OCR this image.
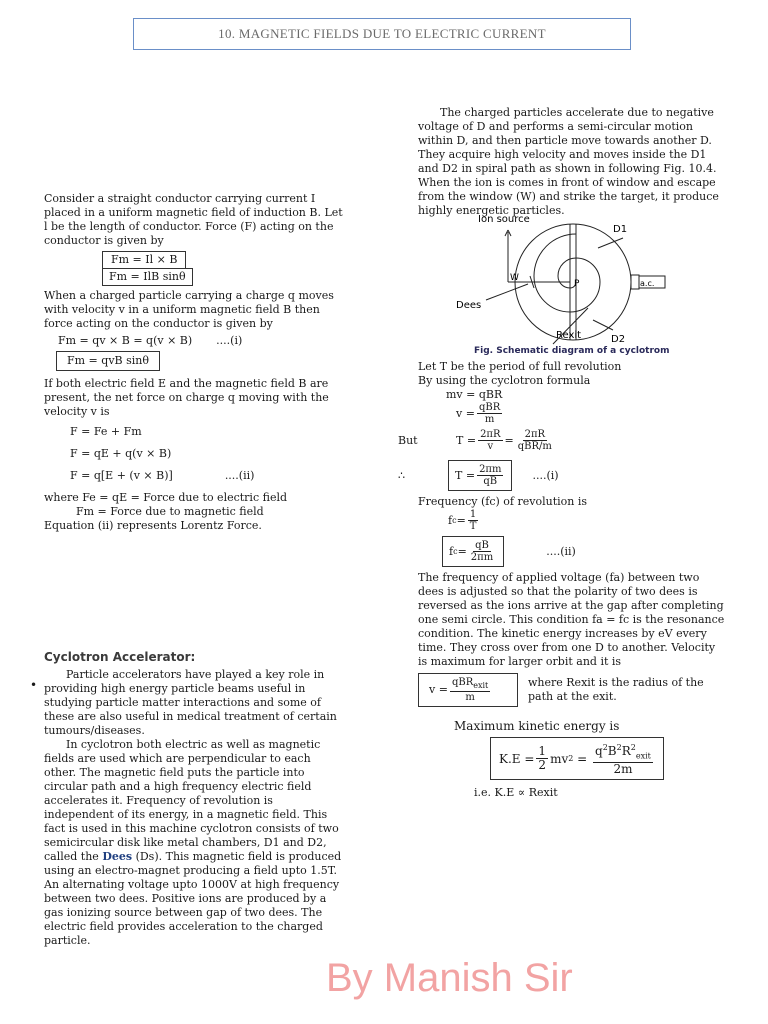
10. MAGNETIC FIELDS DUE TO ELECTRIC CURRENT

Consider a straight conductor carrying current I placed in a uniform magnetic field of induction B. Let l be the length of conductor. Force (F) acting on the conductor is given by

Fm = Il × B
Fm = IlB sinθ

When a charged particle carrying a charge q moves with velocity v in a uniform magnetic field B then force acting on the conductor is given by

Fm = qv × B = q(v × B) ....(i)
Fm = qvB sinθ

If both electric field E and the magnetic field B are present, the net force on charge q moving with the velocity v is

F = Fe + Fm
F = qE + q(v × B)
F = q[E + (v × B)]	....(ii)

where Fe = qE = Force due to electric field

Fm = Force due to magnetic field

Equation (ii) represents Lorentz Force.

•
Cyclotron Accelerator:

Particle accelerators have played a key role in providing high energy particle beams useful in studying particle matter interactions and some of these are also useful in medical treatment of certain tumours/diseases.

In cyclotron both electric as well as magnetic fields are used which are perpendicular to each other. The magnetic field puts the particle into circular path and a high frequency electric field accelerates it. Frequency of revolution is independent of its energy, in a magnetic field. This fact is used in this machine cyclotron consists of two semicircular disk like metal chambers, D1 and D2, called the Dees (Ds). This magnetic field is produced using an electro-magnet producing a field upto 1.5T. An alternating voltage upto 1000V at high frequency between two dees. Positive ions are produced by a gas ionizing source between gap of two dees. The electric field provides acceleration to the charged particle.

The charged particles accelerate due to negative voltage of D and performs a semi-circular motion within D, and then particle move towards another D. They acquire high velocity and moves inside the D1 and D2 in spiral path as shown in following Fig. 10.4. When the ion is comes in front of window and escape from the window (W) and strike the target, it produce highly energetic particles.

Ion source
D1
D2
W
P	a.c.
Dees
Rexit
Fig. Schematic diagram of a cyclotrom

Let T be the period of full revolution

By using the cyclotron formula

mv = qBR
$v = \frac{\text{qBR}}{m}$
But	$T = \frac{2\pi R}{v} = \frac{2\pi R}{\text{qBR/m}}$
∴	$T = \frac{2\pi m}{qB}$	....(i)

Frequency (fc) of revolution is

f $c = \frac{1}{T}$
f $c = \frac{qB}{2\pi m}$	....(ii)

The frequency of applied voltage (fa) between two dees is adjusted so that the polarity of two dees is reversed as the ions arrive at the gap after completing one semi circle. This condition fa = fc is the resonance condition. The kinetic energy increases by eV every time. They cross over from one D to another. Velocity is maximum for larger orbit and it is

$v = \frac{qBR_{exit}}{m}$	where Rexit is the radius of the path at the exit.

Maximum kinetic energy is

$K.E = \frac{1}{2}$ mv $2 = \frac{q^2B^2R^2_{exit}}{2m}$

i.e. K.E ∝ Rexit

By Manish Sir
